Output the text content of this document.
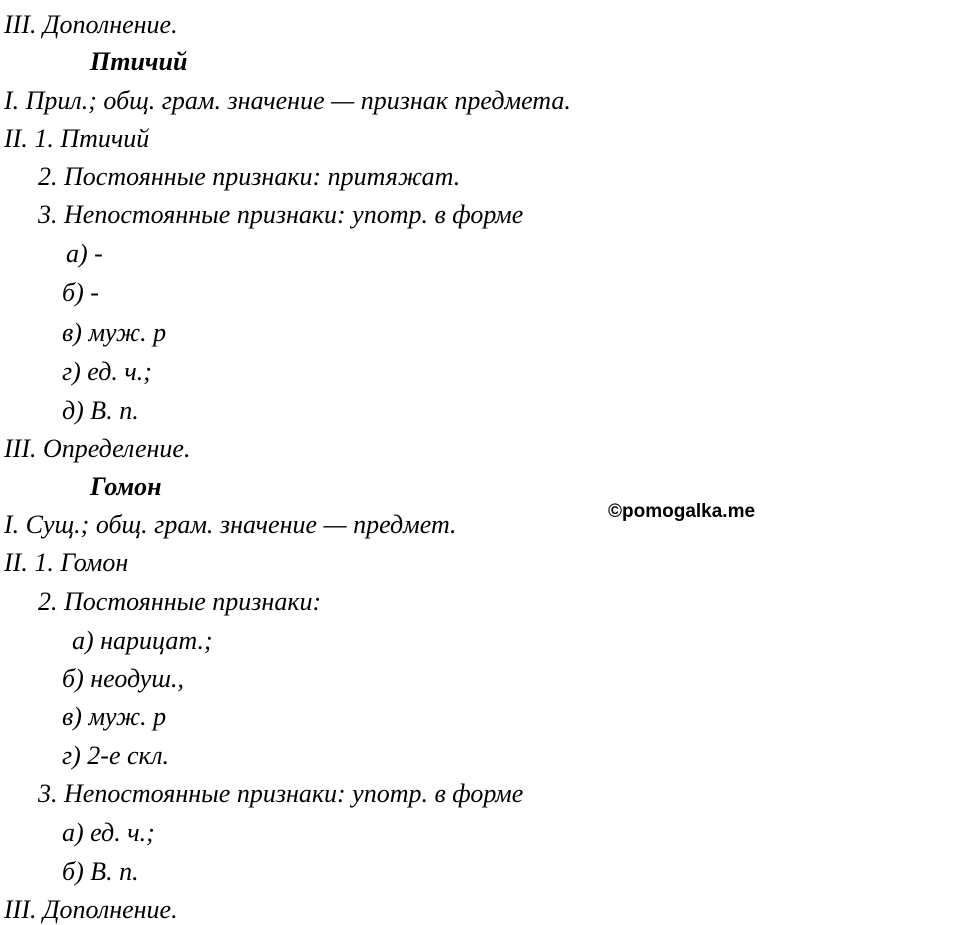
III. Дополнение.
Птичий
I. Прил.; общ. грам. значение — признак предмета.
II. 1. Птичий
2. Постоянные признаки: притяжат.
3. Непостоянные признаки: употр. в форме
а) -
б) -
в) муж. р
г) ед. ч.;
д) В. п.
III. Определение.
Гомон
I. Сущ.; общ. грам. значение — предмет.
II. 1. Гомон
2. Постоянные признаки:
а) нарицат.;
б) неодуш.,
в) муж. р
г) 2-е скл.
3. Непостоянные признаки: употр. в форме
а) ед. ч.;
б) В. п.
III. Дополнение.
©pomogalka.me
